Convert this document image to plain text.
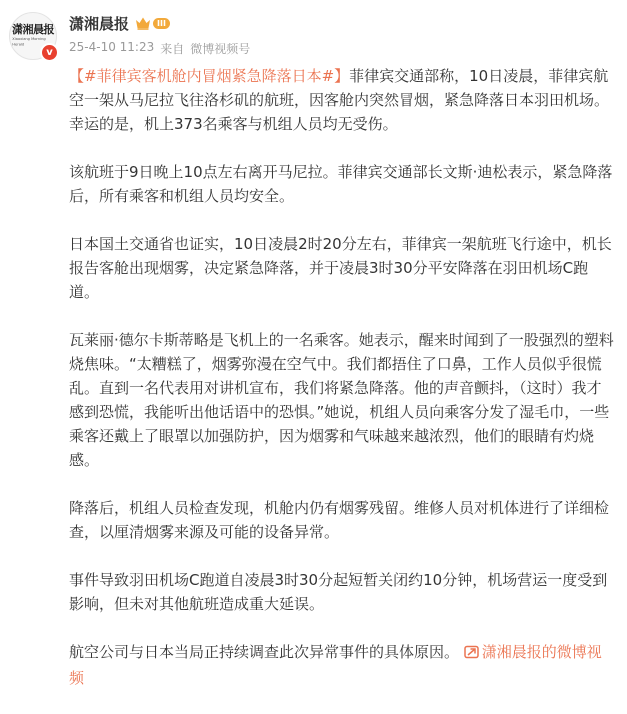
潇湘晨报
Xiaoxiang Morning Herald
v
潇湘晨报	III
25-4-10 11:23 来自 微博视频号

【#菲律宾客机舱内冒烟紧急降落日本#】菲律宾交通部称，10日凌晨，菲律宾航空一架从马尼拉飞往洛杉矶的航班，因客舱内突然冒烟，紧急降落日本羽田机场。幸运的是，机上373名乘客与机组人员均无受伤。

该航班于9日晚上10点左右离开马尼拉。菲律宾交通部长文斯·迪松表示，紧急降落后，所有乘客和机组人员均安全。

日本国土交通省也证实，10日凌晨2时20分左右，菲律宾一架航班飞行途中，机长报告客舱出现烟雾，决定紧急降落，并于凌晨3时30分平安降落在羽田机场C跑道。

瓦莱丽·德尔卡斯蒂略是飞机上的一名乘客。她表示，醒来时闻到了一股强烈的塑料烧焦味。“太糟糕了，烟雾弥漫在空气中。我们都捂住了口鼻，工作人员似乎很慌乱。直到一名代表用对讲机宣布，我们将紧急降落。他的声音颤抖，（这时）我才感到恐慌，我能听出他话语中的恐惧。”她说，机组人员向乘客分发了湿毛巾，一些乘客还戴上了眼罩以加强防护，因为烟雾和气味越来越浓烈，他们的眼睛有灼烧感。

降落后，机组人员检查发现，机舱内仍有烟雾残留。维修人员对机体进行了详细检查，以厘清烟雾来源及可能的设备异常。

事件导致羽田机场C跑道自凌晨3时30分起短暂关闭约10分钟，机场营运一度受到影响，但未对其他航班造成重大延误。

航空公司与日本当局正持续调查此次异常事件的具体原因。 潇湘晨报的微博视频
